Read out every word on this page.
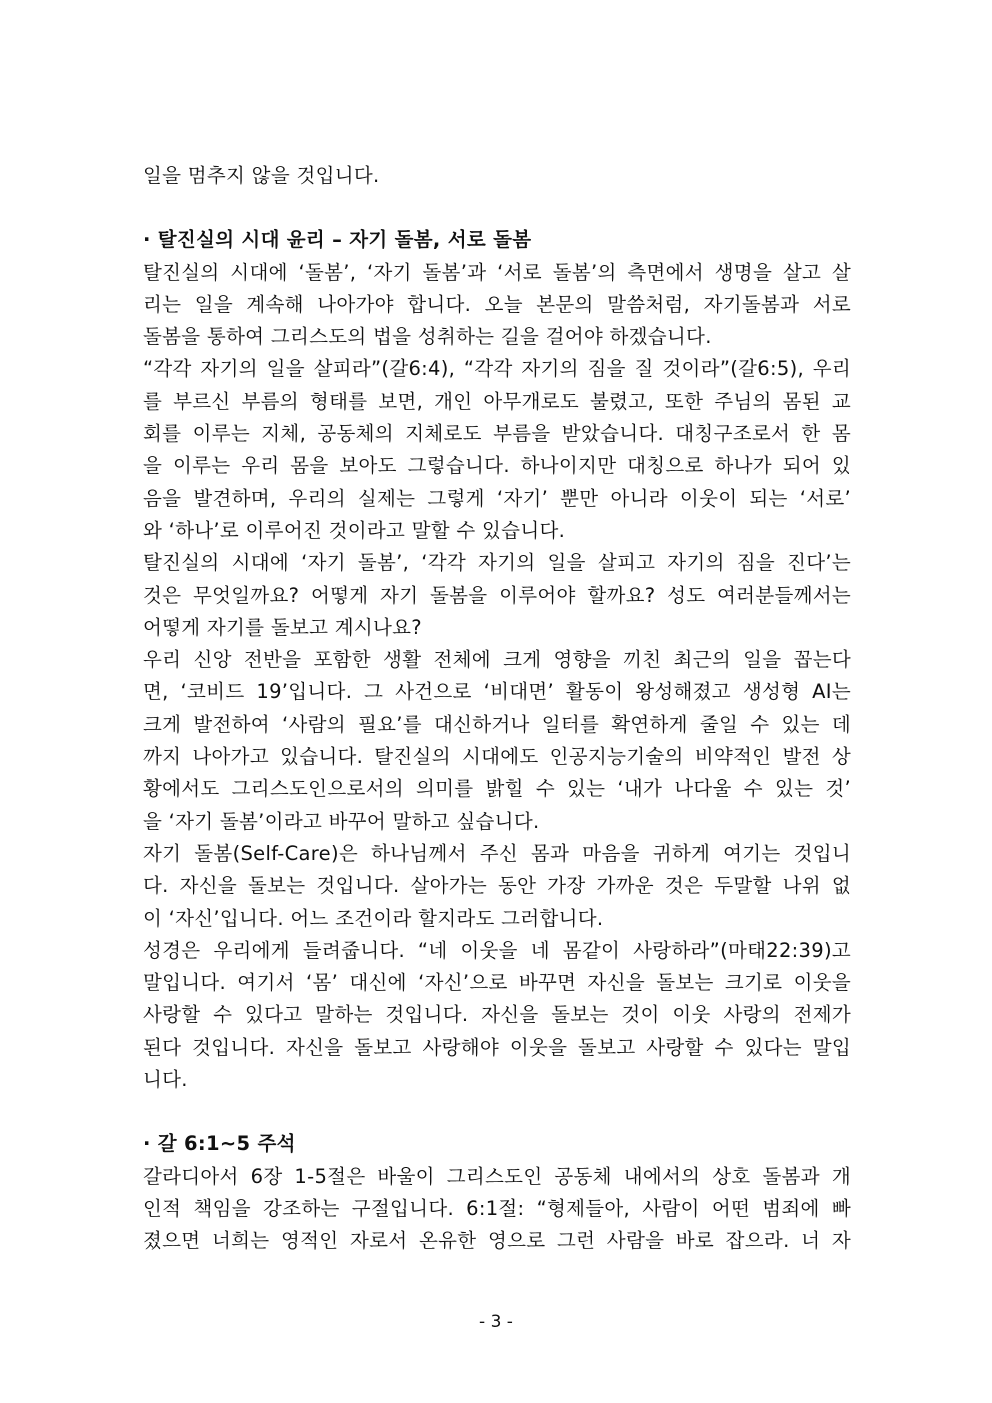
일을 멈추지 않을 것입니다.
· 탈진실의 시대 윤리 – 자기 돌봄, 서로 돌봄
탈진실의 시대에 ‘돌봄’, ‘자기 돌봄’과 ‘서로 돌봄’의 측면에서 생명을 살고 살
리는 일을 계속해 나아가야 합니다. 오늘 본문의 말씀처럼, 자기돌봄과 서로
돌봄을 통하여 그리스도의 법을 성취하는 길을 걸어야 하겠습니다.
“각각 자기의 일을 살피라”(갈6:4), “각각 자기의 짐을 질 것이라”(갈6:5), 우리
를 부르신 부름의 형태를 보면, 개인 아무개로도 불렸고, 또한 주님의 몸된 교
회를 이루는 지체, 공동체의 지체로도 부름을 받았습니다. 대칭구조로서 한 몸
을 이루는 우리 몸을 보아도 그렇습니다. 하나이지만 대칭으로 하나가 되어 있
음을 발견하며, 우리의 실제는 그렇게 ‘자기’ 뿐만 아니라 이웃이 되는 ‘서로’
와 ‘하나’로 이루어진 것이라고 말할 수 있습니다.
탈진실의 시대에 ‘자기 돌봄’, ‘각각 자기의 일을 살피고 자기의 짐을 진다’는
것은 무엇일까요? 어떻게 자기 돌봄을 이루어야 할까요? 성도 여러분들께서는
어떻게 자기를 돌보고 계시나요?
우리 신앙 전반을 포함한 생활 전체에 크게 영향을 끼친 최근의 일을 꼽는다
면, ‘코비드 19’입니다. 그 사건으로 ‘비대면’ 활동이 왕성해졌고 생성형 AI는
크게 발전하여 ‘사람의 필요’를 대신하거나 일터를 확연하게 줄일 수 있는 데
까지 나아가고 있습니다. 탈진실의 시대에도 인공지능기술의 비약적인 발전 상
황에서도 그리스도인으로서의 의미를 밝힐 수 있는 ‘내가 나다울 수 있는 것’
을 ‘자기 돌봄’이라고 바꾸어 말하고 싶습니다.
자기 돌봄(Self-Care)은 하나님께서 주신 몸과 마음을 귀하게 여기는 것입니
다. 자신을 돌보는 것입니다. 살아가는 동안 가장 가까운 것은 두말할 나위 없
이 ‘자신’입니다. 어느 조건이라 할지라도 그러합니다.
성경은 우리에게 들려줍니다. “네 이웃을 네 몸같이 사랑하라”(마태22:39)고
말입니다. 여기서 ‘몸’ 대신에 ‘자신’으로 바꾸면 자신을 돌보는 크기로 이웃을
사랑할 수 있다고 말하는 것입니다. 자신을 돌보는 것이 이웃 사랑의 전제가
된다 것입니다. 자신을 돌보고 사랑해야 이웃을 돌보고 사랑할 수 있다는 말입
니다.
· 갈 6:1~5 주석
갈라디아서 6장 1-5절은 바울이 그리스도인 공동체 내에서의 상호 돌봄과 개
인적 책임을 강조하는 구절입니다. 6:1절: “형제들아, 사람이 어떤 범죄에 빠
졌으면 너희는 영적인 자로서 온유한 영으로 그런 사람을 바로 잡으라. 너 자
- 3 -
